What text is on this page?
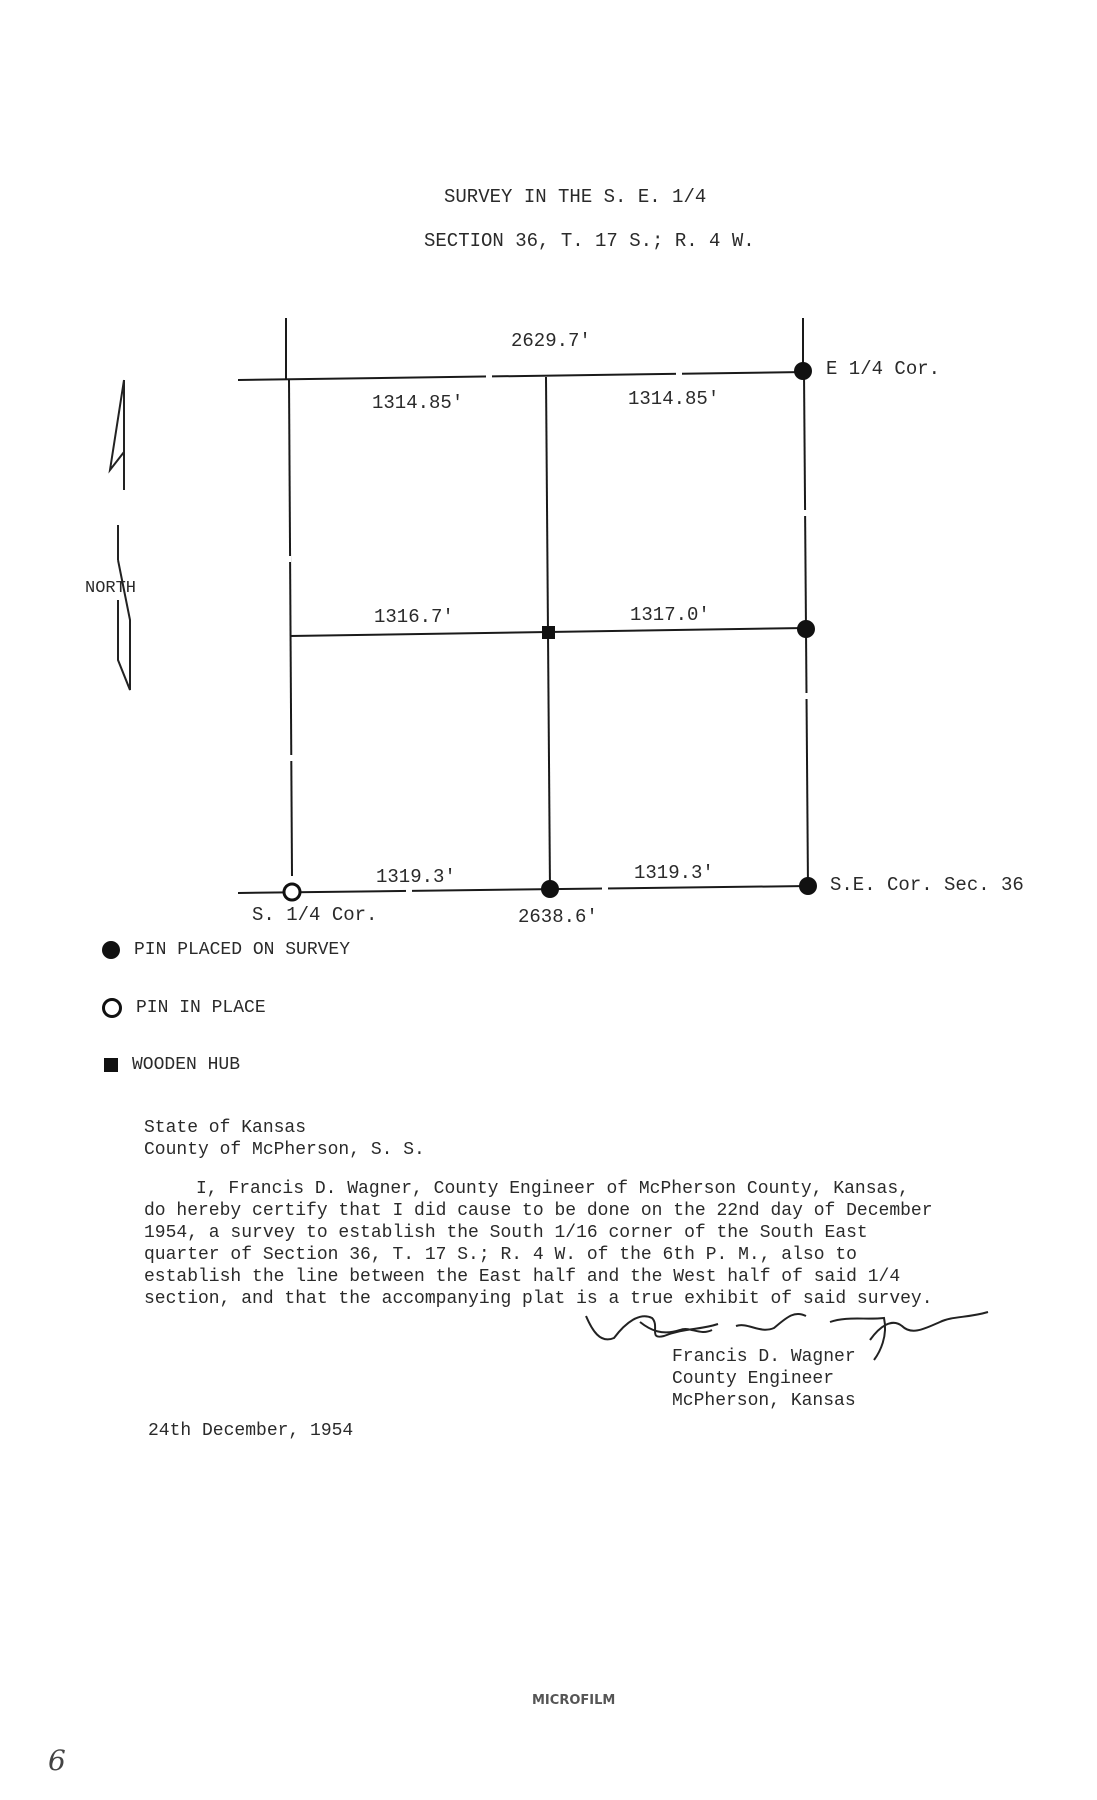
SURVEY IN THE S. E. 1/4
SECTION 36, T. 17 S.; R. 4 W.
NORTH
2629.7'
1314.85'	1314.85'
1316.7'	1317.0'
1319.3'	1319.3'
2638.6'
E 1/4 Cor.
S. 1/4 Cor.
S.E. Cor. Sec. 36
PIN PLACED ON SURVEY
PIN IN PLACE
WOODEN HUB
State of Kansas
County of McPherson, S. S.

I, Francis D. Wagner, County Engineer of McPherson County, Kansas, do hereby certify that I did cause to be done on the 22nd day of December 1954, a survey to establish the South 1/16 corner of the South East quarter of Section 36, T. 17 S.; R. 4 W. of the 6th P. M., also to establish the line between the East half and the West half of said 1/4 section, and that the accompanying plat is a true exhibit of said survey.

Francis D. Wagner
County Engineer
McPherson, Kansas
24th December, 1954
MICROFILM
6
